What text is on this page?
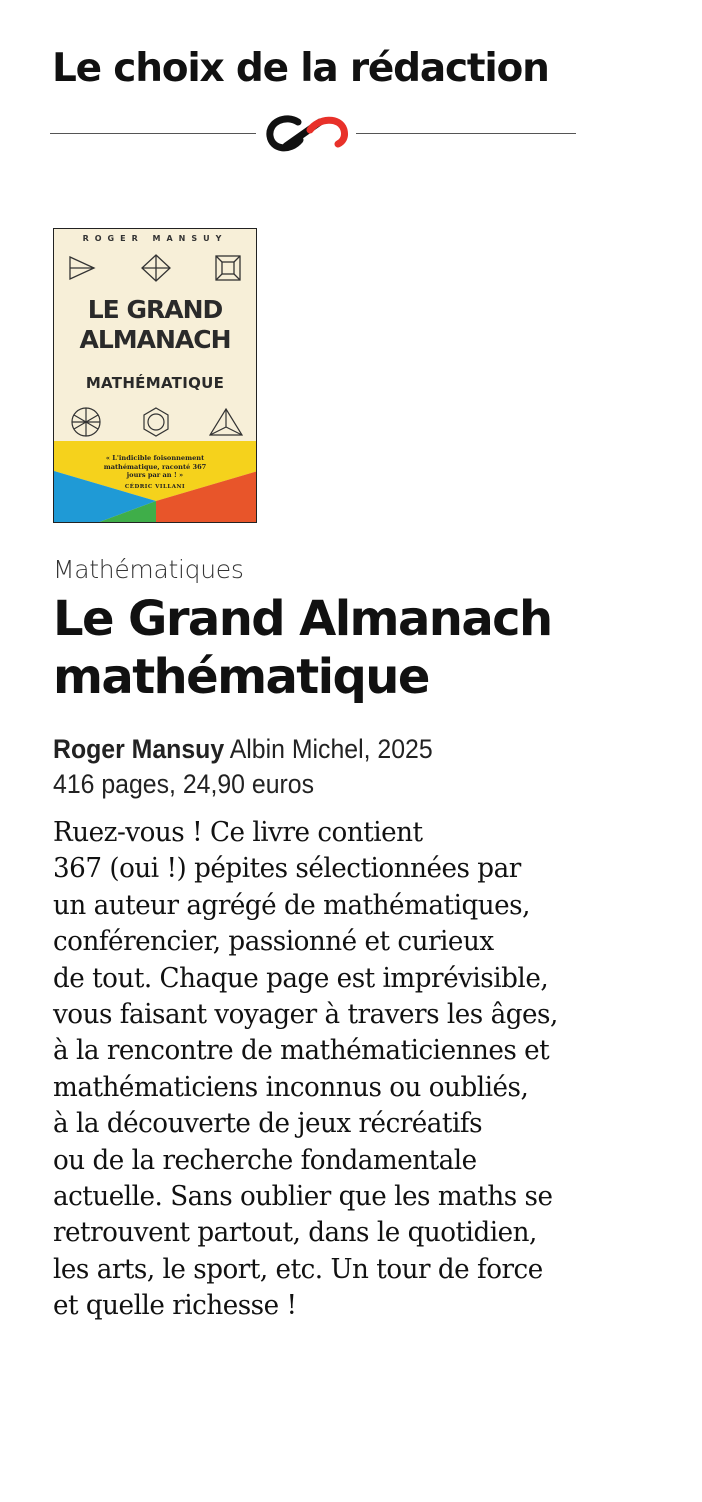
Le choix de la rédaction
ROGER MANSUY
LE GRAND
ALMANACH
MATHÉMATIQUE
« L'indicible foisonnement mathématique, raconté 367 jours par an ! »
CÉDRIC VILLANI

Mathématiques

Le Grand Almanach mathématique
Roger Mansuy Albin Michel, 2025
416 pages, 24,90 euros

Ruez-vous ! Ce livre contient
367 (oui !) pépites sélectionnées par
un auteur agrégé de mathématiques,
conférencier, passionné et curieux
de tout. Chaque page est imprévisible,
vous faisant voyager à travers les âges,
à la rencontre de mathématiciennes et
mathématiciens inconnus ou oubliés,
à la découverte de jeux récréatifs
ou de la recherche fondamentale
actuelle. Sans oublier que les maths se
retrouvent partout, dans le quotidien,
les arts, le sport, etc. Un tour de force
et quelle richesse !
